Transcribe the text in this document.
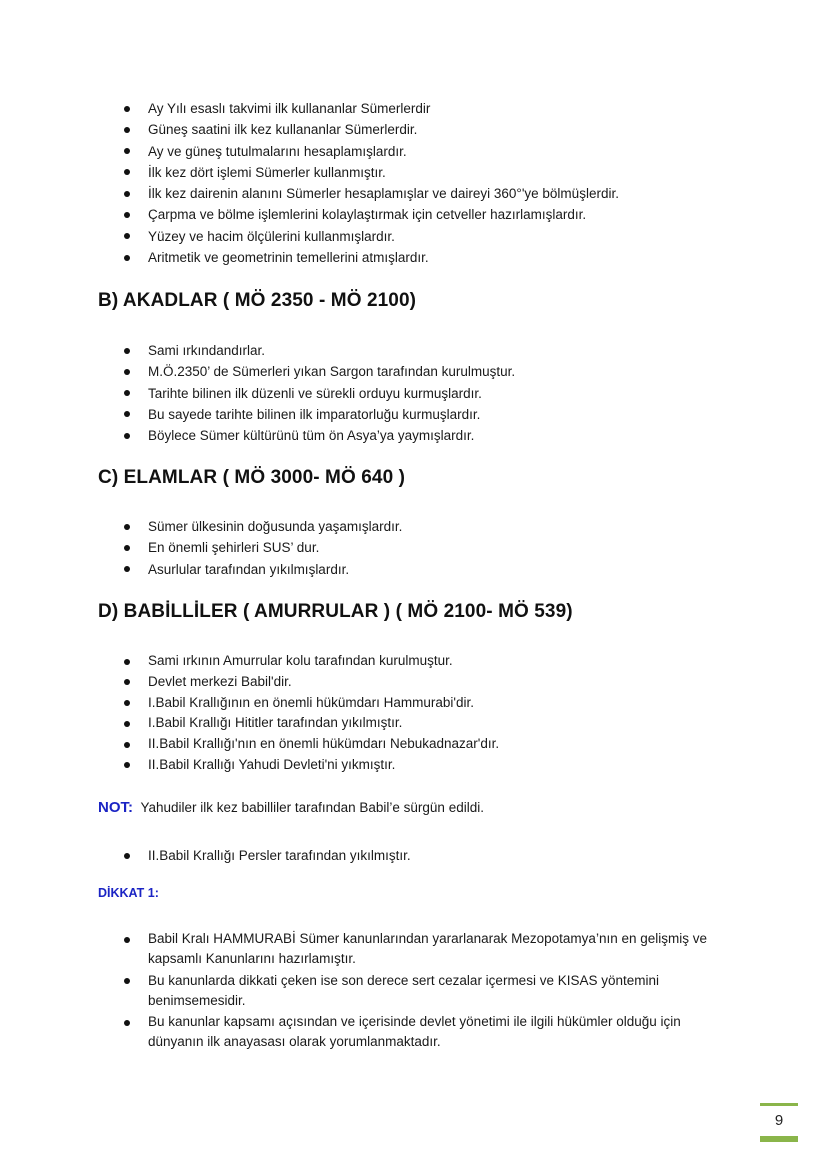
Ay Yılı esaslı takvimi ilk kullananlar Sümerlerdir
Güneş saatini ilk kez kullananlar Sümerlerdir.
Ay ve güneş tutulmalarını hesaplamışlardır.
İlk kez dört işlemi Sümerler kullanmıştır.
İlk kez dairenin alanını Sümerler hesaplamışlar ve daireyi 360°'ye bölmüşlerdir.
Çarpma ve bölme işlemlerini kolaylaştırmak için cetveller hazırlamışlardır.
Yüzey ve hacim ölçülerini kullanmışlardır.
Aritmetik ve geometrinin temellerini atmışlardır.
B) AKADLAR ( MÖ 2350 - MÖ 2100)
Sami ırkındandırlar.
M.Ö.2350’ de Sümerleri yıkan Sargon tarafından kurulmuştur.
Tarihte bilinen ilk düzenli ve sürekli orduyu kurmuşlardır.
Bu sayede tarihte bilinen ilk imparatorluğu kurmuşlardır.
Böylece Sümer kültürünü tüm ön Asya’ya yaymışlardır.
C) ELAMLAR ( MÖ 3000- MÖ 640 )
Sümer ülkesinin doğusunda yaşamışlardır.
En önemli şehirleri SUS’ dur.
Asurlular tarafından yıkılmışlardır.
D) BABİLLİLER ( AMURRULAR ) ( MÖ 2100- MÖ 539)
Sami ırkının Amurrular kolu tarafından kurulmuştur.
Devlet merkezi Babil'dir.
I.Babil Krallığının en önemli hükümdarı Hammurabi'dir.
I.Babil Krallığı Hititler tarafından yıkılmıştır.
II.Babil Krallığı'nın en önemli hükümdarı Nebukadnazar'dır.
II.Babil Krallığı Yahudi Devleti'ni yıkmıştır.
NOT: Yahudiler ilk kez babilliler tarafından Babil’e sürgün edildi.
II.Babil Krallığı Persler tarafından yıkılmıştır.
DİKKAT 1:
Babil Kralı HAMMURABİ Sümer kanunlarından yararlanarak Mezopotamya’nın en gelişmiş ve kapsamlı Kanunlarını hazırlamıştır.
Bu kanunlarda dikkati çeken ise son derece sert cezalar içermesi ve KISAS yöntemini benimsemesidir.
Bu kanunlar kapsamı açısından ve içerisinde devlet yönetimi ile ilgili hükümler olduğu için dünyanın ilk anayasası olarak yorumlanmaktadır.
9
